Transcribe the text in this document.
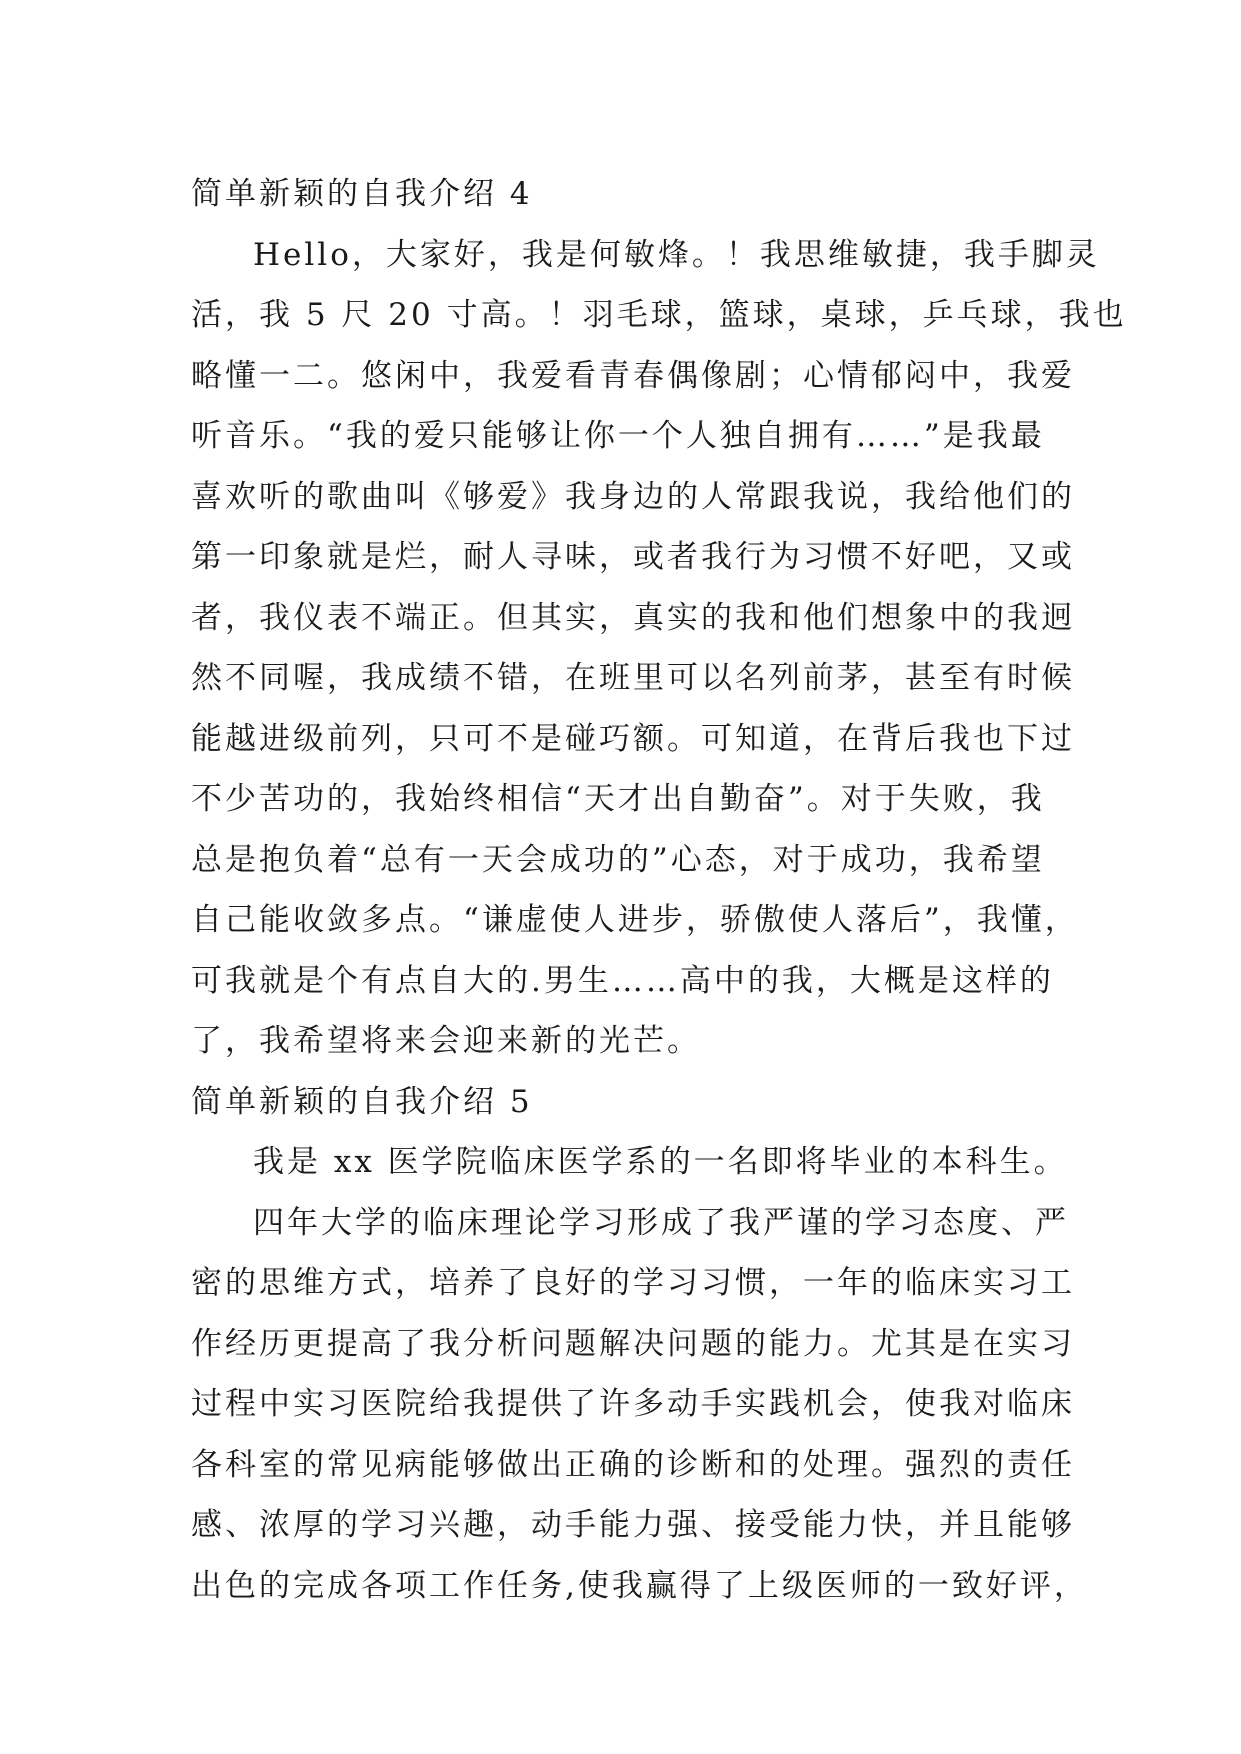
简单新颖的自我介绍 4
Hello，大家好，我是何敏烽。！我思维敏捷，我手脚灵
活，我 5 尺 20 寸高。！羽毛球，篮球，桌球，乒乓球，我也
略懂一二。悠闲中，我爱看青春偶像剧；心情郁闷中，我爱
听音乐。“我的爱只能够让你一个人独自拥有……”是我最
喜欢听的歌曲叫《够爱》我身边的人常跟我说，我给他们的
第一印象就是烂，耐人寻味，或者我行为习惯不好吧，又或
者，我仪表不端正。但其实，真实的我和他们想象中的我迥
然不同喔，我成绩不错，在班里可以名列前茅，甚至有时候
能越进级前列，只可不是碰巧额。可知道，在背后我也下过
不少苦功的，我始终相信“天才出自勤奋”。对于失败，我
总是抱负着“总有一天会成功的”心态，对于成功，我希望
自己能收敛多点。“谦虚使人进步，骄傲使人落后”，我懂，
可我就是个有点自大的.男生……高中的我，大概是这样的
了，我希望将来会迎来新的光芒。
简单新颖的自我介绍 5
我是 xx 医学院临床医学系的一名即将毕业的本科生。
四年大学的临床理论学习形成了我严谨的学习态度、严
密的思维方式，培养了良好的学习习惯，一年的临床实习工
作经历更提高了我分析问题解决问题的能力。尤其是在实习
过程中实习医院给我提供了许多动手实践机会，使我对临床
各科室的常见病能够做出正确的诊断和的处理。强烈的责任
感、浓厚的学习兴趣，动手能力强、接受能力快，并且能够
出色的完成各项工作任务,使我赢得了上级医师的一致好评，
